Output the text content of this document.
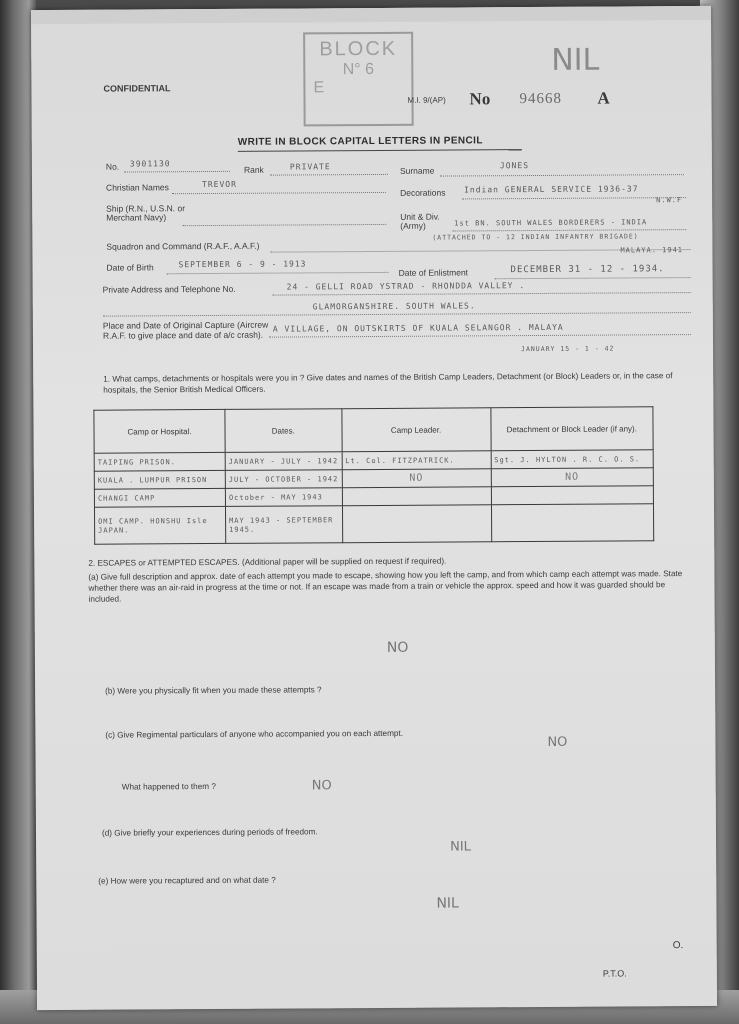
CONFIDENTIAL
BLOCK
N° 6
E
NIL
M.I. 9/(AP) No 94668 A
WRITE IN BLOCK CAPITAL LETTERS IN PENCIL
No. 3901130
Rank	PRIVATE	Surname	JONES
Christian Names	TREVOR
Decorations Indian GENERAL SERVICE 1936-37
N.W.F
Ship (R.N., U.S.N. or Merchant Navy)	Unit & Div. (Army)	1st BN. SOUTH WALES BORDERERS - INDIA
(ATTACHED TO - 12 INDIAN INFANTRY BRIGADE)
MALAYA. 1941
Squadron and Command (R.A.F., A.A.F.)
Date of Birth	SEPTEMBER 6 - 9 - 1913
Date of Enlistment	DECEMBER 31 - 12 - 1934.
Private Address and Telephone No.	24 - GELLI ROAD YSTRAD - RHONDDA VALLEY .
GLAMORGANSHIRE. SOUTH WALES.
Place and Date of Original Capture (Aircrew R.A.F. to give place and date of a/c crash).
A VILLAGE, ON OUTSKIRTS OF KUALA SELANGOR . MALAYA
JANUARY 15 - 1 - 42
1. What camps, detachments or hospitals were you in ? Give dates and names of the British Camp Leaders, Detachment (or Block) Leaders or, in the case of hospitals, the Senior British Medical Officers.
Camp or Hospital.	Dates.	Camp Leader.	Detachment or Block Leader (if any).
TAIPING PRISON.	JANUARY - JULY - 1942	Lt. Col. FITZPATRICK.	Sgt. J. HYLTON . R. C. O. S.
KUALA . LUMPUR PRISON	JULY - OCTOBER - 1942	NO	NO
CHANGI CAMP	October - MAY 1943		
OMI CAMP. HONSHU Isle JAPAN.	MAY 1943 - SEPTEMBER 1945.		
2. ESCAPES or ATTEMPTED ESCAPES. (Additional paper will be supplied on request if required).
(a) Give full description and approx. date of each attempt you made to escape, showing how you left the camp, and from which camp each attempt was made. State whether there was an air-raid in progress at the time or not. If an escape was made from a train or vehicle the approx. speed and how it was guarded should be included.
NO
(b) Were you physically fit when you made these attempts ?
(c) Give Regimental particulars of anyone who accompanied you on each attempt.
NO
What happened to them ?	NO
(d) Give briefly your experiences during periods of freedom.
NIL
(e) How were you recaptured and on what date ?
NIL
P.T.O.
O.
